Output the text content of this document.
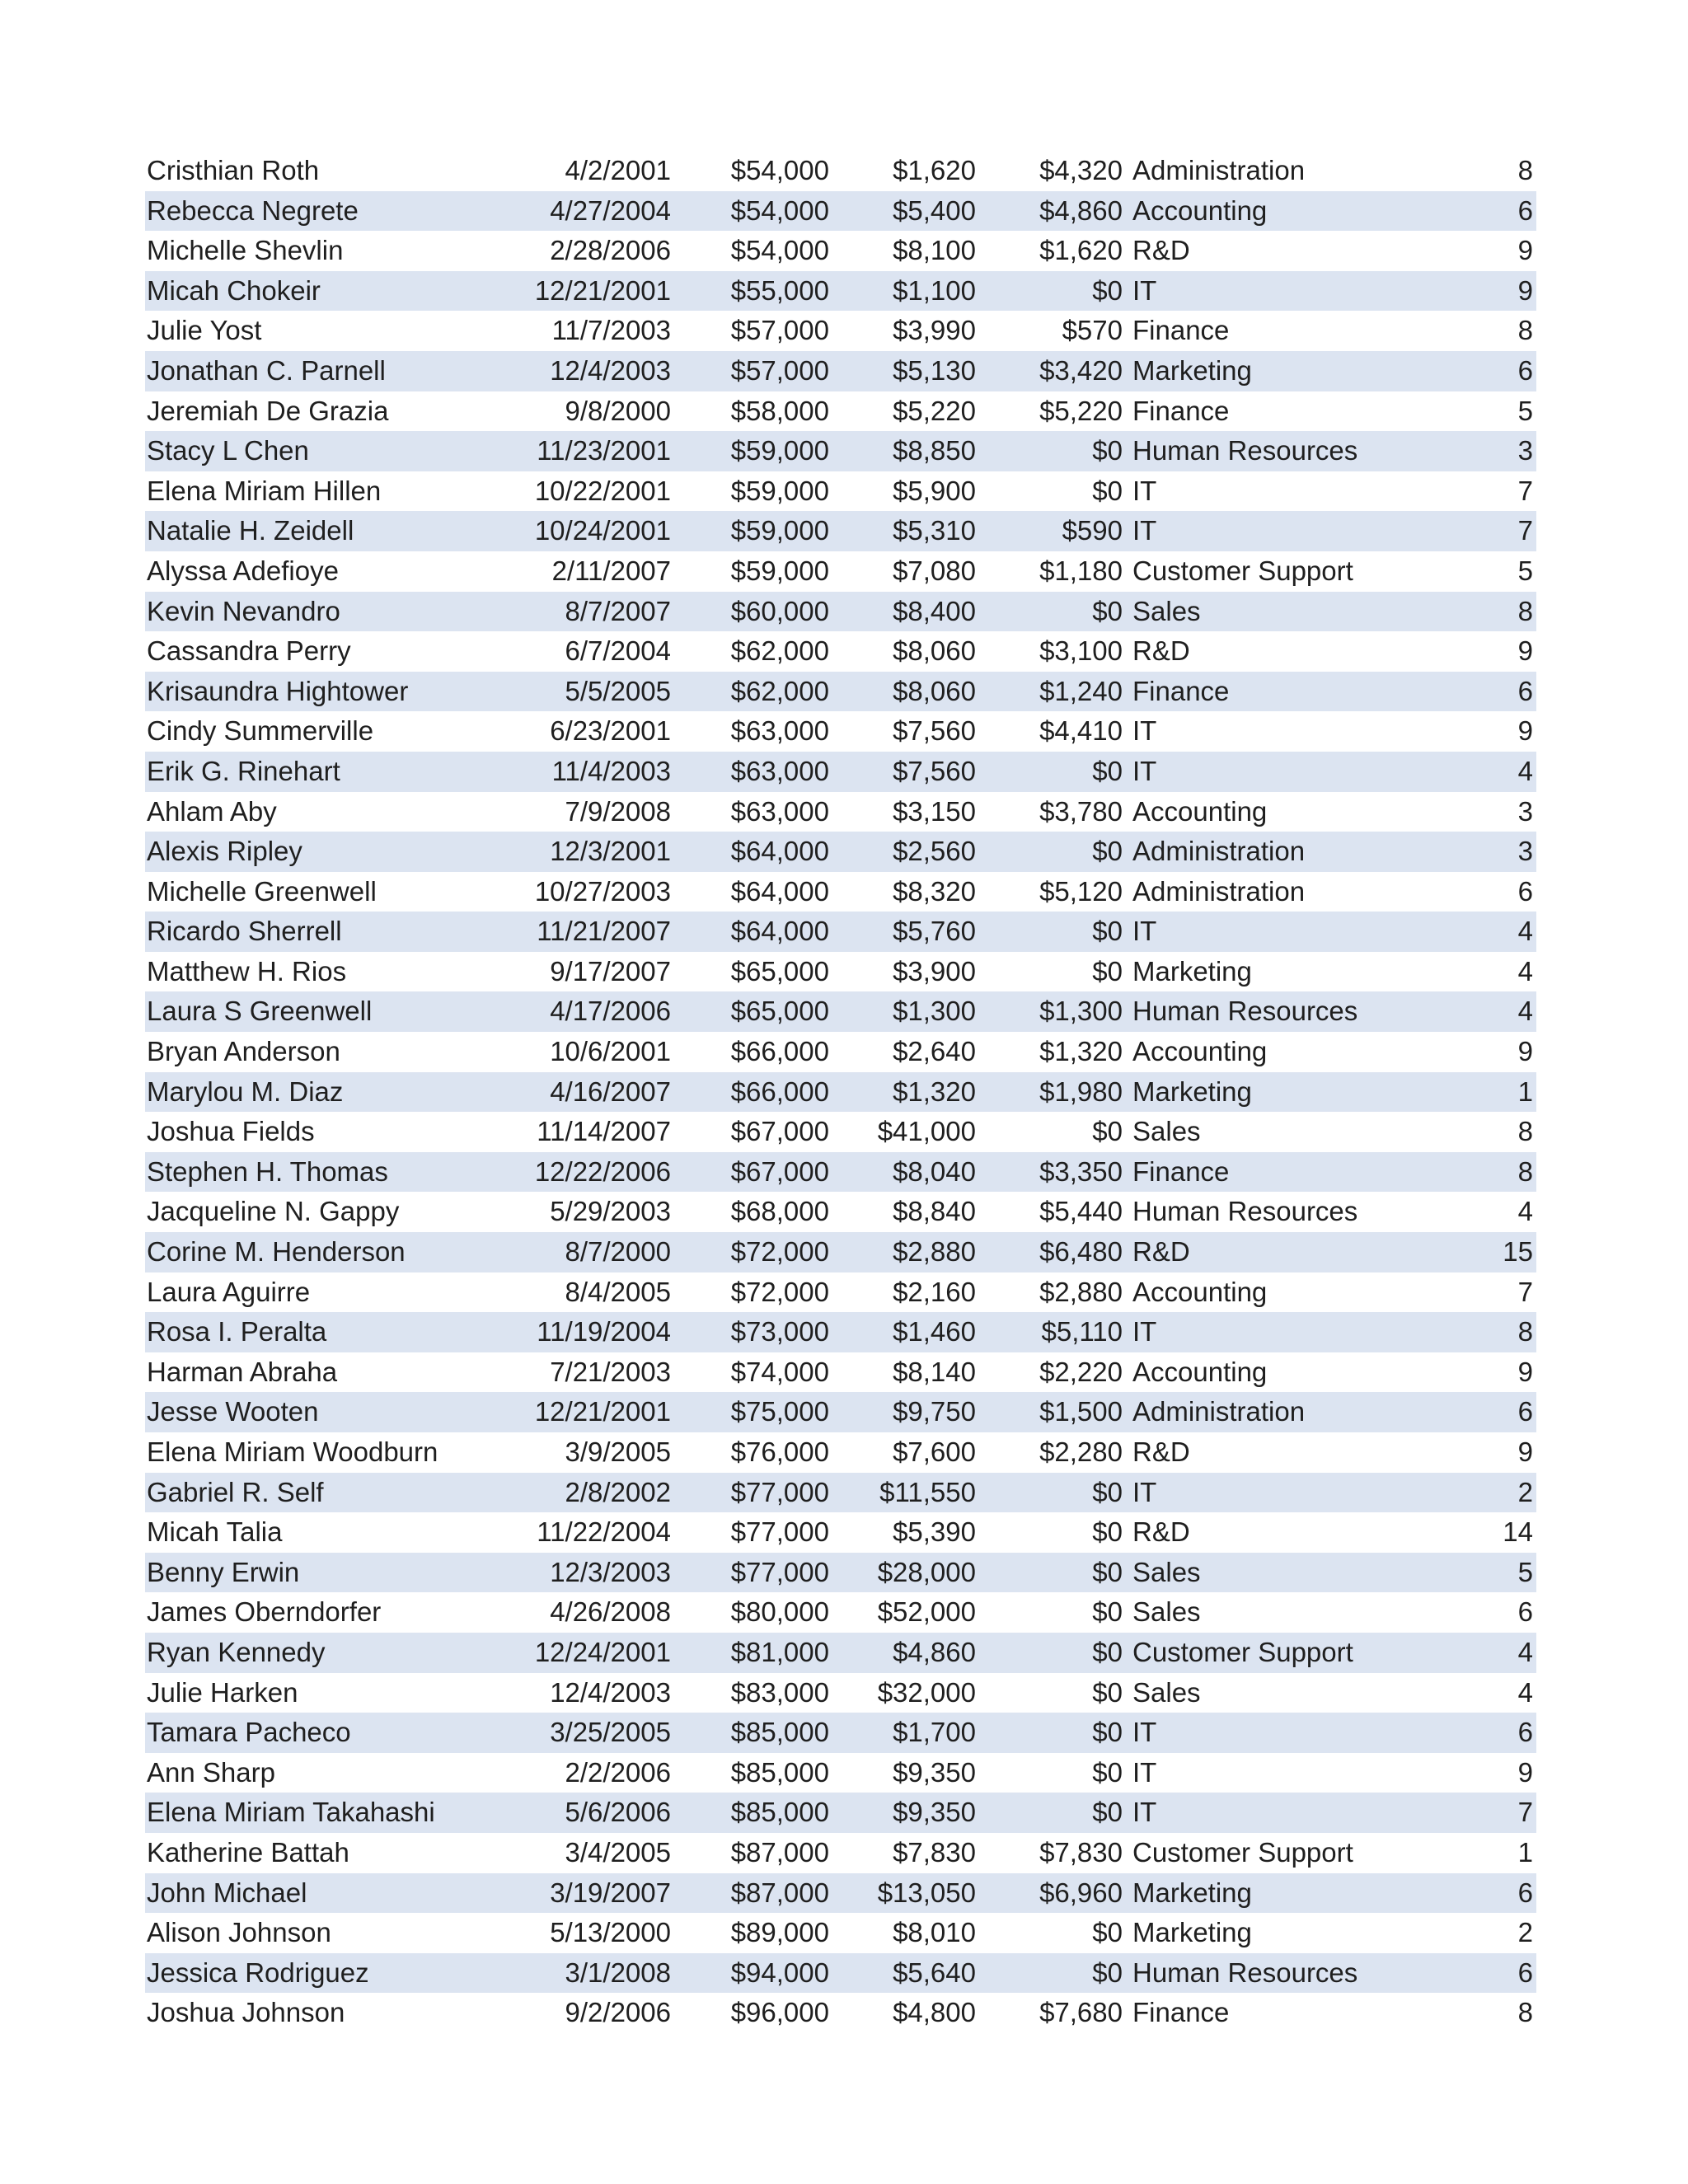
Cristhian Roth	4/2/2001	$54,000	$1,620	$4,320 Administration	8
Rebecca Negrete	4/27/2004	$54,000	$5,400	$4,860 Accounting	6
Michelle Shevlin	2/28/2006	$54,000	$8,100	$1,620 R&D	9
Micah Chokeir	12/21/2001	$55,000	$1,100	$0 IT	9
Julie Yost	11/7/2003	$57,000	$3,990	$570 Finance	8
Jonathan C. Parnell	12/4/2003	$57,000	$5,130	$3,420 Marketing	6
Jeremiah De Grazia	9/8/2000	$58,000	$5,220	$5,220 Finance	5
Stacy L Chen	11/23/2001	$59,000	$8,850	$0 Human Resources	3
Elena Miriam Hillen	10/22/2001	$59,000	$5,900	$0 IT	7
Natalie H. Zeidell	10/24/2001	$59,000	$5,310	$590 IT	7
Alyssa Adefioye	2/11/2007	$59,000	$7,080	$1,180 Customer Support	5
Kevin Nevandro	8/7/2007	$60,000	$8,400	$0 Sales	8
Cassandra Perry	6/7/2004	$62,000	$8,060	$3,100 R&D	9
Krisaundra Hightower	5/5/2005	$62,000	$8,060	$1,240 Finance	6
Cindy Summerville	6/23/2001	$63,000	$7,560	$4,410 IT	9
Erik G. Rinehart	11/4/2003	$63,000	$7,560	$0 IT	4
Ahlam Aby	7/9/2008	$63,000	$3,150	$3,780 Accounting	3
Alexis Ripley	12/3/2001	$64,000	$2,560	$0 Administration	3
Michelle Greenwell	10/27/2003	$64,000	$8,320	$5,120 Administration	6
Ricardo Sherrell	11/21/2007	$64,000	$5,760	$0 IT	4
Matthew H. Rios	9/17/2007	$65,000	$3,900	$0 Marketing	4
Laura S Greenwell	4/17/2006	$65,000	$1,300	$1,300 Human Resources	4
Bryan Anderson	10/6/2001	$66,000	$2,640	$1,320 Accounting	9
Marylou M. Diaz	4/16/2007	$66,000	$1,320	$1,980 Marketing	1
Joshua Fields	11/14/2007	$67,000	$41,000	$0 Sales	8
Stephen H. Thomas	12/22/2006	$67,000	$8,040	$3,350 Finance	8
Jacqueline N. Gappy	5/29/2003	$68,000	$8,840	$5,440 Human Resources	4
Corine M. Henderson	8/7/2000	$72,000	$2,880	$6,480 R&D	15
Laura Aguirre	8/4/2005	$72,000	$2,160	$2,880 Accounting	7
Rosa I. Peralta	11/19/2004	$73,000	$1,460	$5,110 IT	8
Harman Abraha	7/21/2003	$74,000	$8,140	$2,220 Accounting	9
Jesse Wooten	12/21/2001	$75,000	$9,750	$1,500 Administration	6
Elena Miriam Woodburn	3/9/2005	$76,000	$7,600	$2,280 R&D	9
Gabriel R. Self	2/8/2002	$77,000	$11,550	$0 IT	2
Micah Talia	11/22/2004	$77,000	$5,390	$0 R&D	14
Benny Erwin	12/3/2003	$77,000	$28,000	$0 Sales	5
James Oberndorfer	4/26/2008	$80,000	$52,000	$0 Sales	6
Ryan Kennedy	12/24/2001	$81,000	$4,860	$0 Customer Support	4
Julie Harken	12/4/2003	$83,000	$32,000	$0 Sales	4
Tamara Pacheco	3/25/2005	$85,000	$1,700	$0 IT	6
Ann Sharp	2/2/2006	$85,000	$9,350	$0 IT	9
Elena Miriam Takahashi	5/6/2006	$85,000	$9,350	$0 IT	7
Katherine Battah	3/4/2005	$87,000	$7,830	$7,830 Customer Support	1
John Michael	3/19/2007	$87,000	$13,050	$6,960 Marketing	6
Alison Johnson	5/13/2000	$89,000	$8,010	$0 Marketing	2
Jessica Rodriguez	3/1/2008	$94,000	$5,640	$0 Human Resources	6
Joshua Johnson	9/2/2006	$96,000	$4,800	$7,680 Finance	8
